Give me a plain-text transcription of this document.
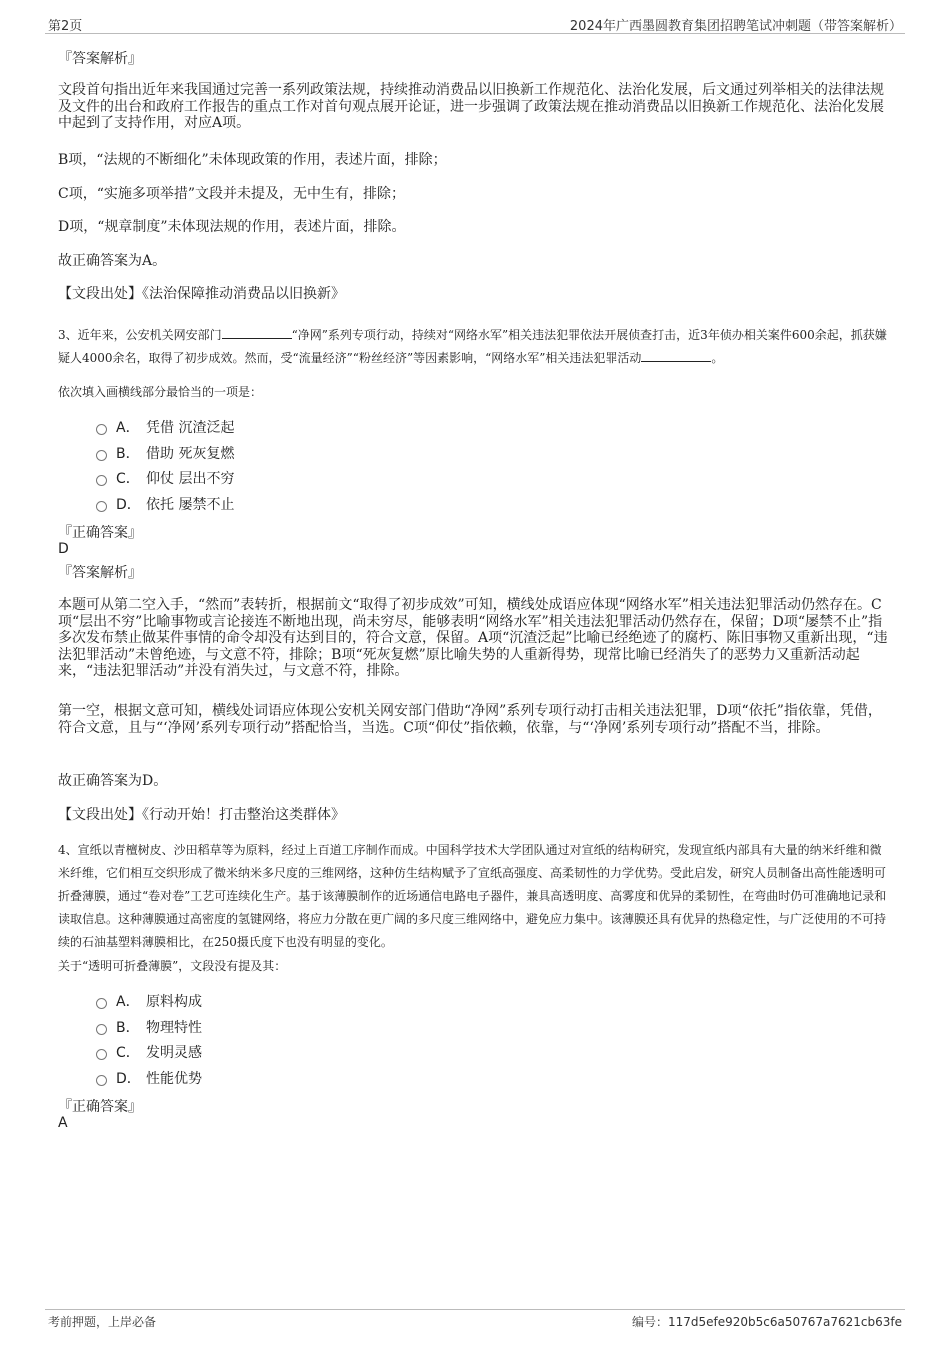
第2页	2024年广西墨圆教育集团招聘笔试冲刺题（带答案解析）
『答案解析』
文段首句指出近年来我国通过完善一系列政策法规，持续推动消费品以旧换新工作规范化、法治化发展，后文通过列举相关的法律法规及文件的出台和政府工作报告的重点工作对首句观点展开论证，进一步强调了政策法规在推动消费品以旧换新工作规范化、法治化发展中起到了支持作用，对应A项。
B项，“法规的不断细化”未体现政策的作用，表述片面，排除；
C项，“实施多项举措”文段并未提及，无中生有，排除；
D项，“规章制度”未体现法规的作用，表述片面，排除。
故正确答案为A。
【文段出处】《法治保障推动消费品以旧换新》
3、近年来，公安机关网安部门	“净网”系列专项行动，持续对“网络水军”相关违法犯罪依法开展侦查打击，近3年侦办相关案件600余起，抓获嫌疑人4000余名，取得了初步成效。然而，受“流量经济”“粉丝经济”等因素影响，“网络水军”相关违法犯罪活动	。
依次填入画横线部分最恰当的一项是：
A． 凭借 沉渣泛起
B． 借助 死灰复燃
C． 仰仗 层出不穷
D． 依托 屡禁不止
『正确答案』
D
『答案解析』
本题可从第二空入手，“然而”表转折，根据前文“取得了初步成效”可知，横线处成语应体现“网络水军”相关违法犯罪活动仍然存在。C项“层出不穷”比喻事物或言论接连不断地出现，尚未穷尽，能够表明“网络水军”相关违法犯罪活动仍然存在，保留；D项“屡禁不止”指多次发布禁止做某件事情的命令却没有达到目的，符合文意，保留。A项“沉渣泛起”比喻已经绝迹了的腐朽、陈旧事物又重新出现，“违法犯罪活动”未曾绝迹，与文意不符，排除；B项“死灰复燃”原比喻失势的人重新得势，现常比喻已经消失了的恶势力又重新活动起来，“违法犯罪活动”并没有消失过，与文意不符，排除。
第一空，根据文意可知，横线处词语应体现公安机关网安部门借助“净网”系列专项行动打击相关违法犯罪，D项“依托”指依靠，凭借，符合文意，且与“‘净网’系列专项行动”搭配恰当，当选。C项“仰仗”指依赖，依靠，与“‘净网’系列专项行动”搭配不当，排除。
故正确答案为D。
【文段出处】《行动开始！打击整治这类群体》
4、宣纸以青檀树皮、沙田稻草等为原料，经过上百道工序制作而成。中国科学技术大学团队通过对宣纸的结构研究，发现宣纸内部具有大量的纳米纤维和微米纤维，它们相互交织形成了微米纳米多尺度的三维网络，这种仿生结构赋予了宣纸高强度、高柔韧性的力学优势。受此启发，研究人员制备出高性能透明可折叠薄膜，通过“卷对卷”工艺可连续化生产。基于该薄膜制作的近场通信电路电子器件，兼具高透明度、高雾度和优异的柔韧性，在弯曲时仍可准确地记录和读取信息。这种薄膜通过高密度的氢键网络，将应力分散在更广阔的多尺度三维网络中，避免应力集中。该薄膜还具有优异的热稳定性，与广泛使用的不可持续的石油基塑料薄膜相比，在250摄氏度下也没有明显的变化。
关于“透明可折叠薄膜”，文段没有提及其：
A． 原料构成
B． 物理特性
C． 发明灵感
D． 性能优势
『正确答案』
A
考前押题，上岸必备	编号：117d5efe920b5c6a50767a7621cb63fe
